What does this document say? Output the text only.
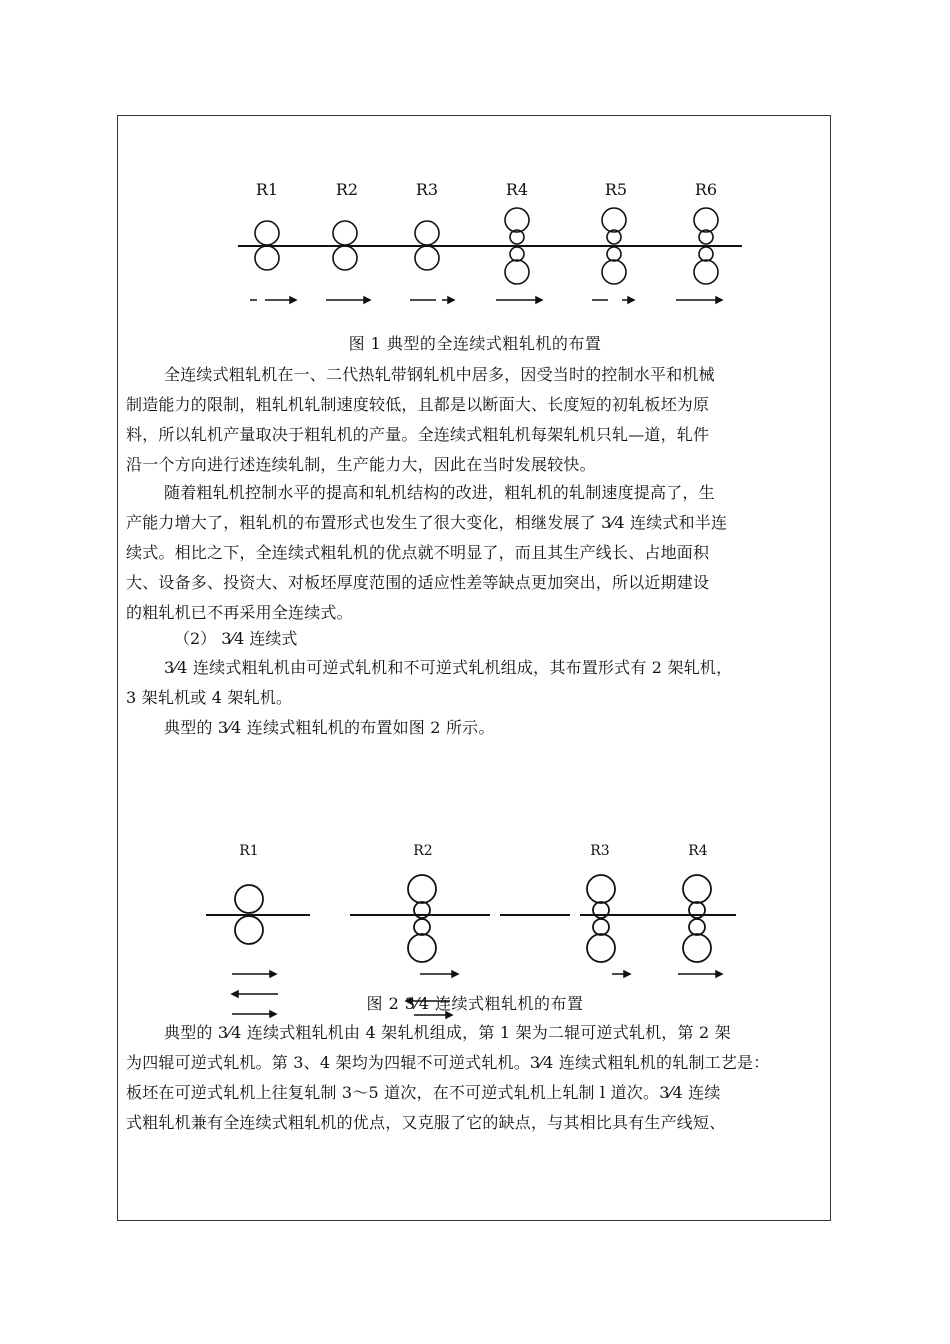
R1	R2	R3	R4	R5	R6
图 1 典型的全连续式粗轧机的布置
全连续式粗轧机在一、二代热轧带钢轧机中居多，因受当时的控制水平和机械
制造能力的限制，粗轧机轧制速度较低，且都是以断面大、长度短的初轧板坯为原
料，所以轧机产量取决于粗轧机的产量。全连续式粗轧机每架轧机只轧—道，轧件
沿一个方向进行述连续轧制，生产能力大，因此在当时发展较快。
随着粗轧机控制水平的提高和轧机结构的改进，粗轧机的轧制速度提高了，生
产能力增大了，粗轧机的布置形式也发生了很大变化，相继发展了 3⁄4 连续式和半连
续式。相比之下，全连续式粗轧机的优点就不明显了，而且其生产线长、占地面积
大、设备多、投资大、对板坯厚度范围的适应性差等缺点更加突出，所以近期建设
的粗轧机已不再采用全连续式。
（2） 3⁄4 连续式
3⁄4 连续式粗轧机由可逆式轧机和不可逆式轧机组成，其布置形式有 2 架轧机，
3 架轧机或 4 架轧机。
典型的 3⁄4 连续式粗轧机的布置如图 2 所示。
R1	R2	R3	R4
图 2 3⁄4 连续式粗轧机的布置
典型的 3⁄4 连续式粗轧机由 4 架轧机组成，第 1 架为二辊可逆式轧机，第 2 架
为四辊可逆式轧机。第 3、4 架均为四辊不可逆式轧机。3⁄4 连续式粗轧机的轧制工艺是：
板坯在可逆式轧机上往复轧制 3～5 道次，在不可逆式轧机上轧制 l 道次。3⁄4 连续
式粗轧机兼有全连续式粗轧机的优点，又克服了它的缺点，与其相比具有生产线短、
